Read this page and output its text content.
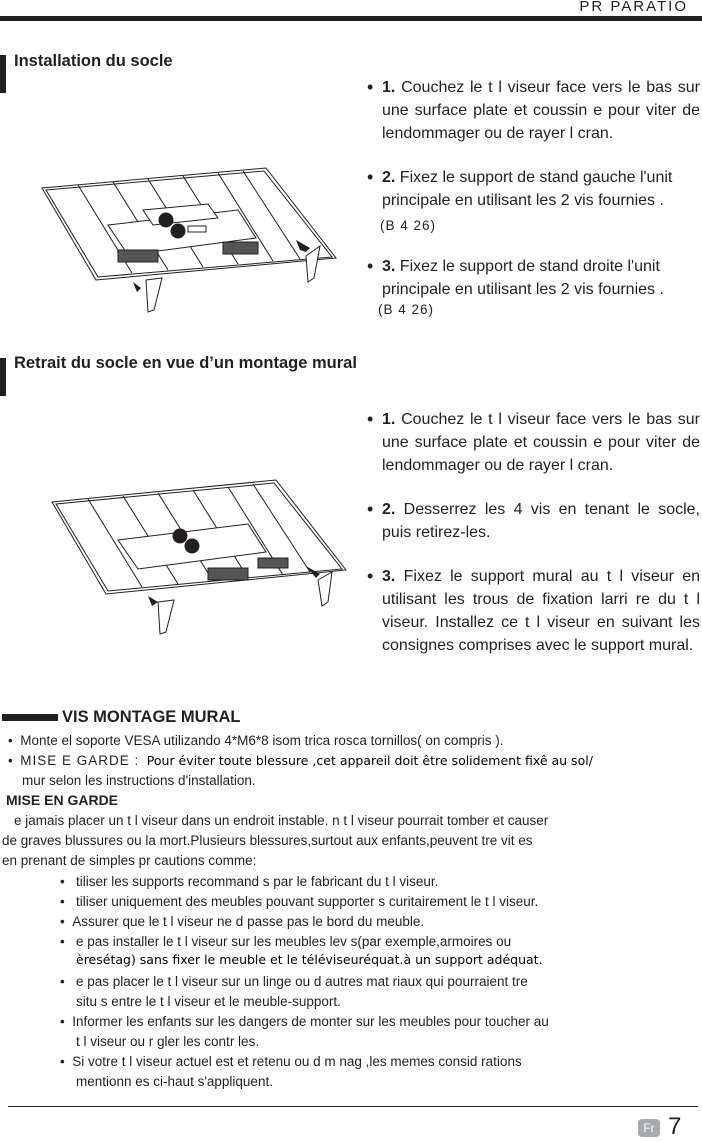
PR PARATIO
Installation du socle
• 1. Couchez le t l viseur face vers le bas sur une surface plate et coussin e pour viter de lendommager ou de rayer l cran.
• 2. Fixez le support de stand gauche l'unit principale en utilisant les 2 vis fournies .
(B 4 26)
• 3. Fixez le support de stand droite l'unit principale en utilisant les 2 vis fournies .
(B 4 26)
Retrait du socle en vue d’un montage mural
• 1. Couchez le t l viseur face vers le bas sur une surface plate et coussin e pour viter de lendommager ou de rayer l cran.
• 2. Desserrez les 4 vis en tenant le socle, puis retirez-les.
• 3. Fixez le support mural au t l viseur en utilisant les trous de fixation larri re du t l viseur. Installez ce t l viseur en suivant les consignes comprises avec le support mural.
VIS MONTAGE MURAL
•  Monte el soporte VESA utilizando 4*M6*8 isom trica rosca tornillos( on compris ).
•  MISE E GARDE : Pour éviter toute blessure ,cet appareil doit être solidement fixê au sol/
mur selon les instructions d'installation.
MISE EN GARDE
e jamais placer un t l viseur dans un endroit instable. n t l viseur pourrait tomber et causer
de graves blussures ou la mort.Plusieurs blessures,surtout aux enfants,peuvent tre vit es
en prenant de simples pr cautions comme:
•   tiliser les supports recommand s par le fabricant du t l viseur.
•   tiliser uniquement des meubles pouvant supporter s curitairement le t l viseur.
•  Assurer que le t l viseur ne d passe pas le bord du meuble.
•   e pas installer le t l viseur sur les meubles lev s(par exemple,armoires ou
èresétag) sans fixer le meuble et le téléviseuréquat.à un support adéquat.
•   e pas placer le t l viseur sur un linge ou d autres mat riaux qui pourraient tre
situ s entre le t l viseur et le meuble-support.
•  Informer les enfants sur les dangers de monter sur les meubles pour toucher au
t l viseur ou r gler les contr les.
•  Si votre t l viseur actuel est et retenu ou d m nag ,les memes consid rations
mentionn es ci-haut s'appliquent.
Fr 7
